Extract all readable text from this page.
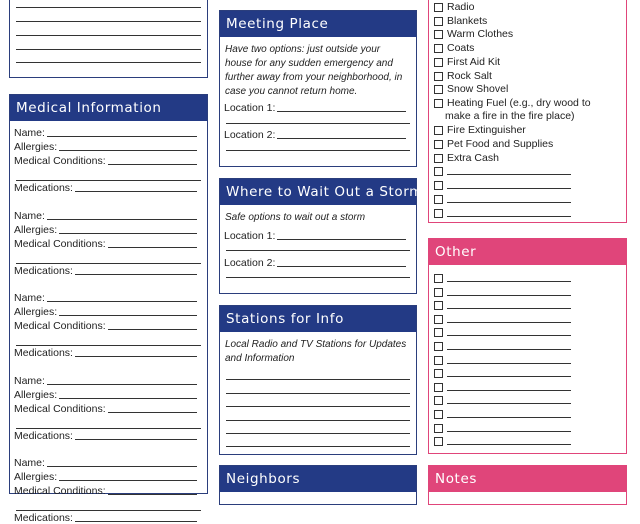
Medical Information
Name:
Allergies:
Medical Conditions:
Medications:
Name:
Allergies:
Medical Conditions:
Medications:
Name:
Allergies:
Medical Conditions:
Medications:
Name:
Allergies:
Medical Conditions:
Medications:
Name:
Allergies:
Medical Conditions:
Medications:
Meeting Place
Have two options: just outside your house for any sudden emergency and further away from your neighborhood, in case you cannot return home.
Location 1:
Location 2:
Where to Wait Out a Storm
Safe options to wait out a storm
Location 1:
Location 2:
Stations for Info
Local Radio and TV Stations for Updates and Information
Neighbors
Radio
Blankets
Warm Clothes
Coats
First Aid Kit
Rock Salt
Snow Shovel
Heating Fuel (e.g., dry wood to
make a fire in the fire place)
Fire Extinguisher
Pet Food and Supplies
Extra Cash
Other
Notes
